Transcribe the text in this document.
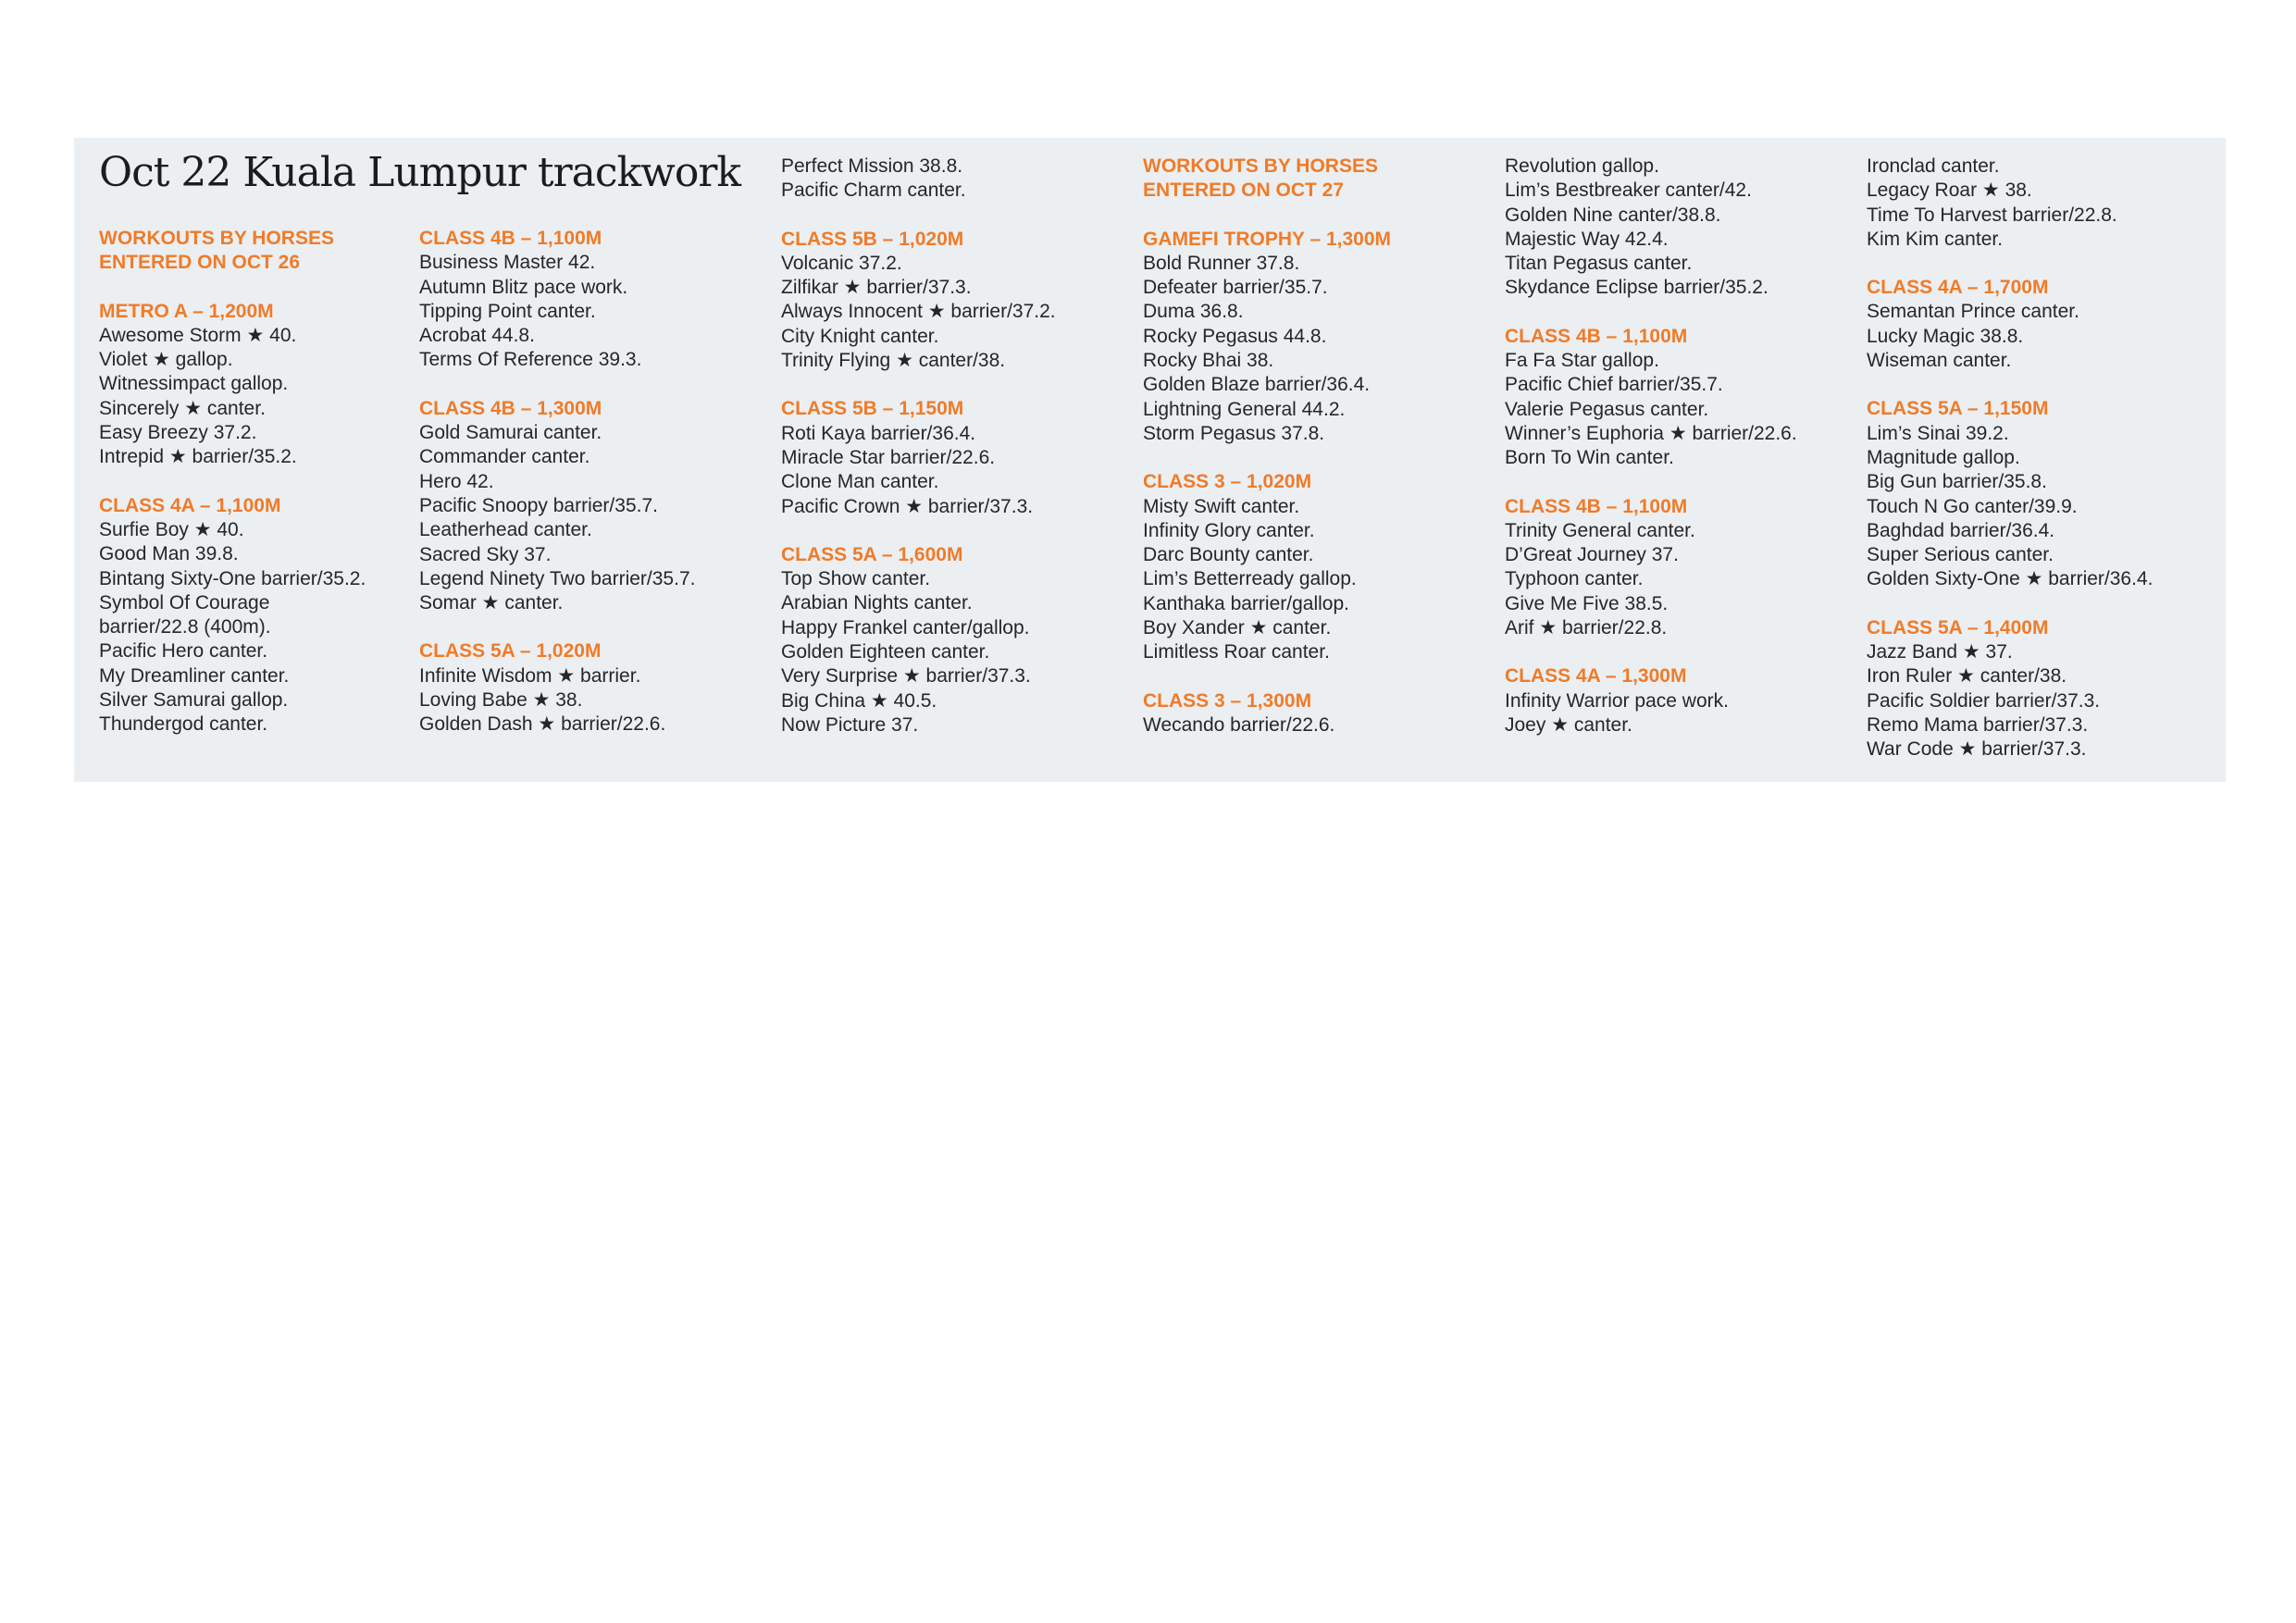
Oct 22 Kuala Lumpur trackwork
WORKOUTS BY HORSES
ENTERED ON OCT 26
METRO A – 1,200M
Awesome Storm ★ 40.
Violet ★ gallop.
Witnessimpact gallop.
Sincerely ★ canter.
Easy Breezy 37.2.
Intrepid ★ barrier/35.2.
CLASS 4A – 1,100M
Surfie Boy ★ 40.
Good Man 39.8.
Bintang Sixty-One barrier/35.2.
Symbol Of Courage
barrier/22.8 (400m).
Pacific Hero canter.
My Dreamliner canter.
Silver Samurai gallop.
Thundergod canter.
CLASS 4B – 1,100M
Business Master 42.
Autumn Blitz pace work.
Tipping Point canter.
Acrobat 44.8.
Terms Of Reference 39.3.
CLASS 4B – 1,300M
Gold Samurai canter.
Commander canter.
Hero 42.
Pacific Snoopy barrier/35.7.
Leatherhead canter.
Sacred Sky 37.
Legend Ninety Two barrier/35.7.
Somar ★ canter.
CLASS 5A – 1,020M
Infinite Wisdom ★ barrier.
Loving Babe ★ 38.
Golden Dash ★ barrier/22.6.
Perfect Mission 38.8.
Pacific Charm canter.
CLASS 5B – 1,020M
Volcanic 37.2.
Zilfikar ★ barrier/37.3.
Always Innocent ★ barrier/37.2.
City Knight canter.
Trinity Flying ★ canter/38.
CLASS 5B – 1,150M
Roti Kaya barrier/36.4.
Miracle Star barrier/22.6.
Clone Man canter.
Pacific Crown ★ barrier/37.3.
CLASS 5A – 1,600M
Top Show canter.
Arabian Nights canter.
Happy Frankel canter/gallop.
Golden Eighteen canter.
Very Surprise ★ barrier/37.3.
Big China ★ 40.5.
Now Picture 37.
WORKOUTS BY HORSES
ENTERED ON OCT 27
GAMEFI TROPHY – 1,300M
Bold Runner 37.8.
Defeater barrier/35.7.
Duma 36.8.
Rocky Pegasus 44.8.
Rocky Bhai 38.
Golden Blaze barrier/36.4.
Lightning General 44.2.
Storm Pegasus 37.8.
CLASS 3 – 1,020M
Misty Swift canter.
Infinity Glory canter.
Darc Bounty canter.
Lim’s Betterready gallop.
Kanthaka barrier/gallop.
Boy Xander ★ canter.
Limitless Roar canter.
CLASS 3 – 1,300M
Wecando barrier/22.6.
Revolution gallop.
Lim’s Bestbreaker canter/42.
Golden Nine canter/38.8.
Majestic Way 42.4.
Titan Pegasus canter.
Skydance Eclipse barrier/35.2.
CLASS 4B – 1,100M
Fa Fa Star gallop.
Pacific Chief barrier/35.7.
Valerie Pegasus canter.
Winner’s Euphoria ★ barrier/22.6.
Born To Win canter.
CLASS 4B – 1,100M
Trinity General canter.
D’Great Journey 37.
Typhoon canter.
Give Me Five 38.5.
Arif ★ barrier/22.8.
CLASS 4A – 1,300M
Infinity Warrior pace work.
Joey ★ canter.
Ironclad canter.
Legacy Roar ★ 38.
Time To Harvest barrier/22.8.
Kim Kim canter.
CLASS 4A – 1,700M
Semantan Prince canter.
Lucky Magic 38.8.
Wiseman canter.
CLASS 5A – 1,150M
Lim’s Sinai 39.2.
Magnitude gallop.
Big Gun barrier/35.8.
Touch N Go canter/39.9.
Baghdad barrier/36.4.
Super Serious canter.
Golden Sixty-One ★ barrier/36.4.
CLASS 5A – 1,400M
Jazz Band ★ 37.
Iron Ruler ★ canter/38.
Pacific Soldier barrier/37.3.
Remo Mama barrier/37.3.
War Code ★ barrier/37.3.
